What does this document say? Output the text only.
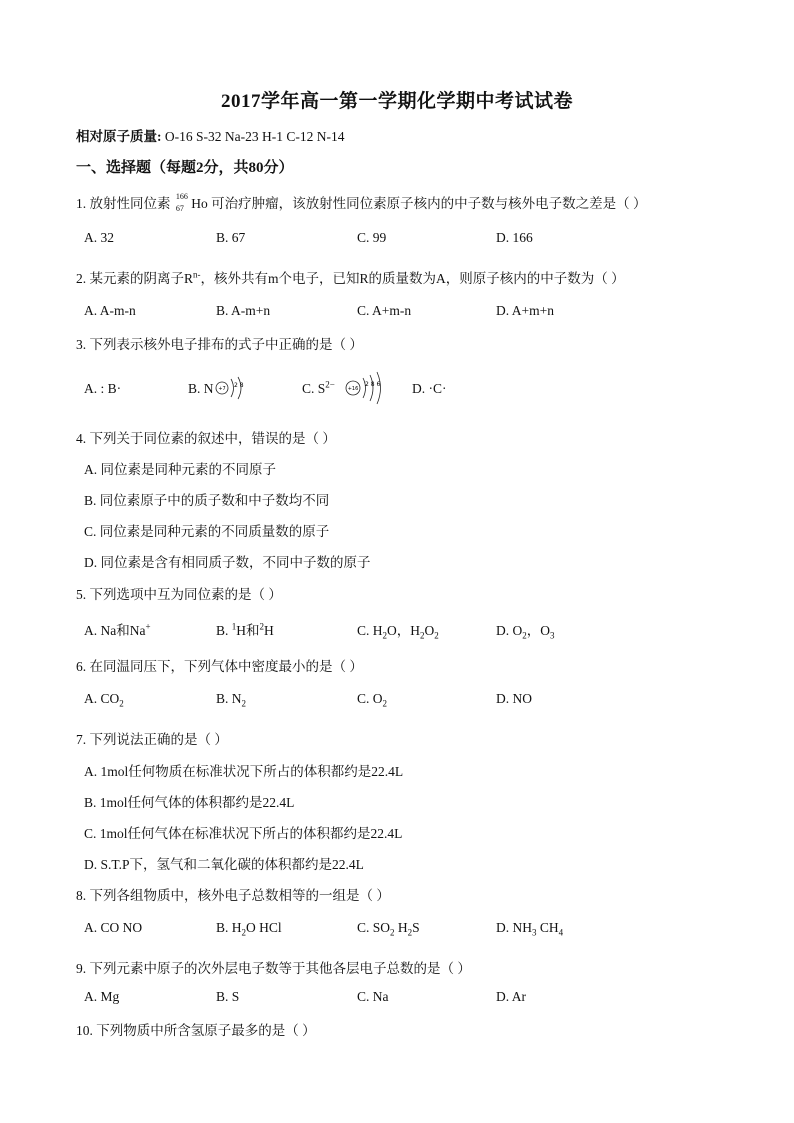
2017学年高一第一学期化学期中考试试卷
相对原子质量: O-16 S-32 Na-23 H-1 C-12 N-14
一、选择题（每题2分，共80分）
1. 放射性同位素 166
67 Ho 可治疗肿瘤，该放射性同位素原子核内的中子数与核外电子数之差是（ ）
A. 32	B. 67	C. 99	D. 166
2. 某元素的阴离子$R^{n-}$，核外共有m个电子，已知R的质量数为A，则原子核内的中子数为（ ）
A. A-m-n	B. A-m+n	C. A+m-n	D. A+m+n
3. 下列表示核外电子排布的式子中正确的是（ ）
A. : B·	B. N +7 2 8	C. $S^{2-}$	+16
2 8 6 D. ·C·
4. 下列关于同位素的叙述中，错误的是（ ）
A. 同位素是同种元素的不同原子
B. 同位素原子中的质子数和中子数均不同
C. 同位素是同种元素的不同质量数的原子
D. 同位素是含有相同质子数，不同中子数的原子
5. 下列选项中互为同位素的是（ ）
A. Na和Na+	B. $^1$H和$^2$H	C. $H_2O$，$H_2O_2$	D. $O_2$，$O_3$
6. 在同温同压下，下列气体中密度最小的是（ ）
A. $CO_2$	B. $N_2$	C. $O_2$	D. NO
7. 下列说法正确的是（ ）
A. 1mol任何物质在标准状况下所占的体积都约是22.4L
B. 1mol任何气体的体积都约是22.4L
C. 1mol任何气体在标准状况下所占的体积都约是22.4L
D. S.T.P下，氢气和二氧化碳的体积都约是22.4L
8. 下列各组物质中，核外电子总数相等的一组是（ ）
A. CO NO	B. $H_2O$ HCl	C. $SO_2$ $H_2S$	D. $NH_3$ $CH_4$
9. 下列元素中原子的次外层电子数等于其他各层电子总数的是（ ）
A. Mg	B. S	C. Na	D. Ar
10. 下列物质中所含氢原子最多的是（ ）
